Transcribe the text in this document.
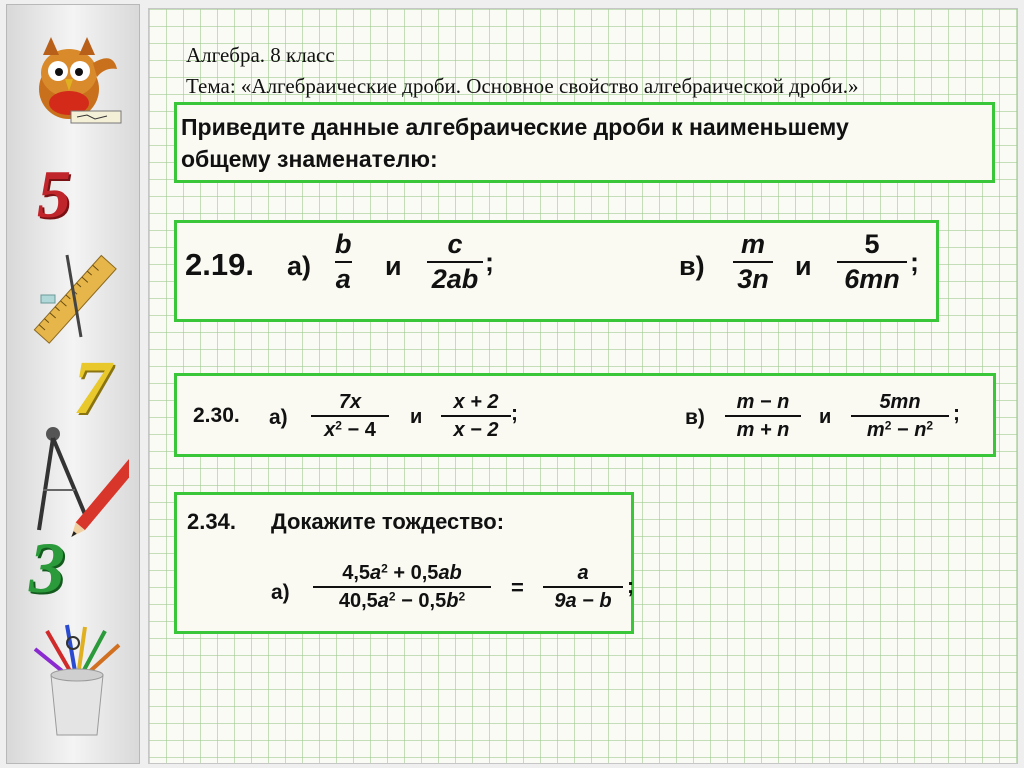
5
7
3
Алгебра. 8 класс
Тема: «Алгебраические дроби. Основное свойство алгебраической дроби.»
Приведите данные алгебраические дроби к наименьшему
общему знаменателю:
2.19. а)
b
a и
c
2ab
;	в)
m
3n и
5
6mn
;
2.30. а)
7x
$x^2 - 4$
и
x + 2
x − 2
;	в)
m − n
m + n
и
5mn
$m^2 - n^2$
;
2.34. Докажите тождество:
а)
$4,5a^2 + 0,5ab$
$40,5a^2 - 0,5b^2$ =
a
9a − b
;
